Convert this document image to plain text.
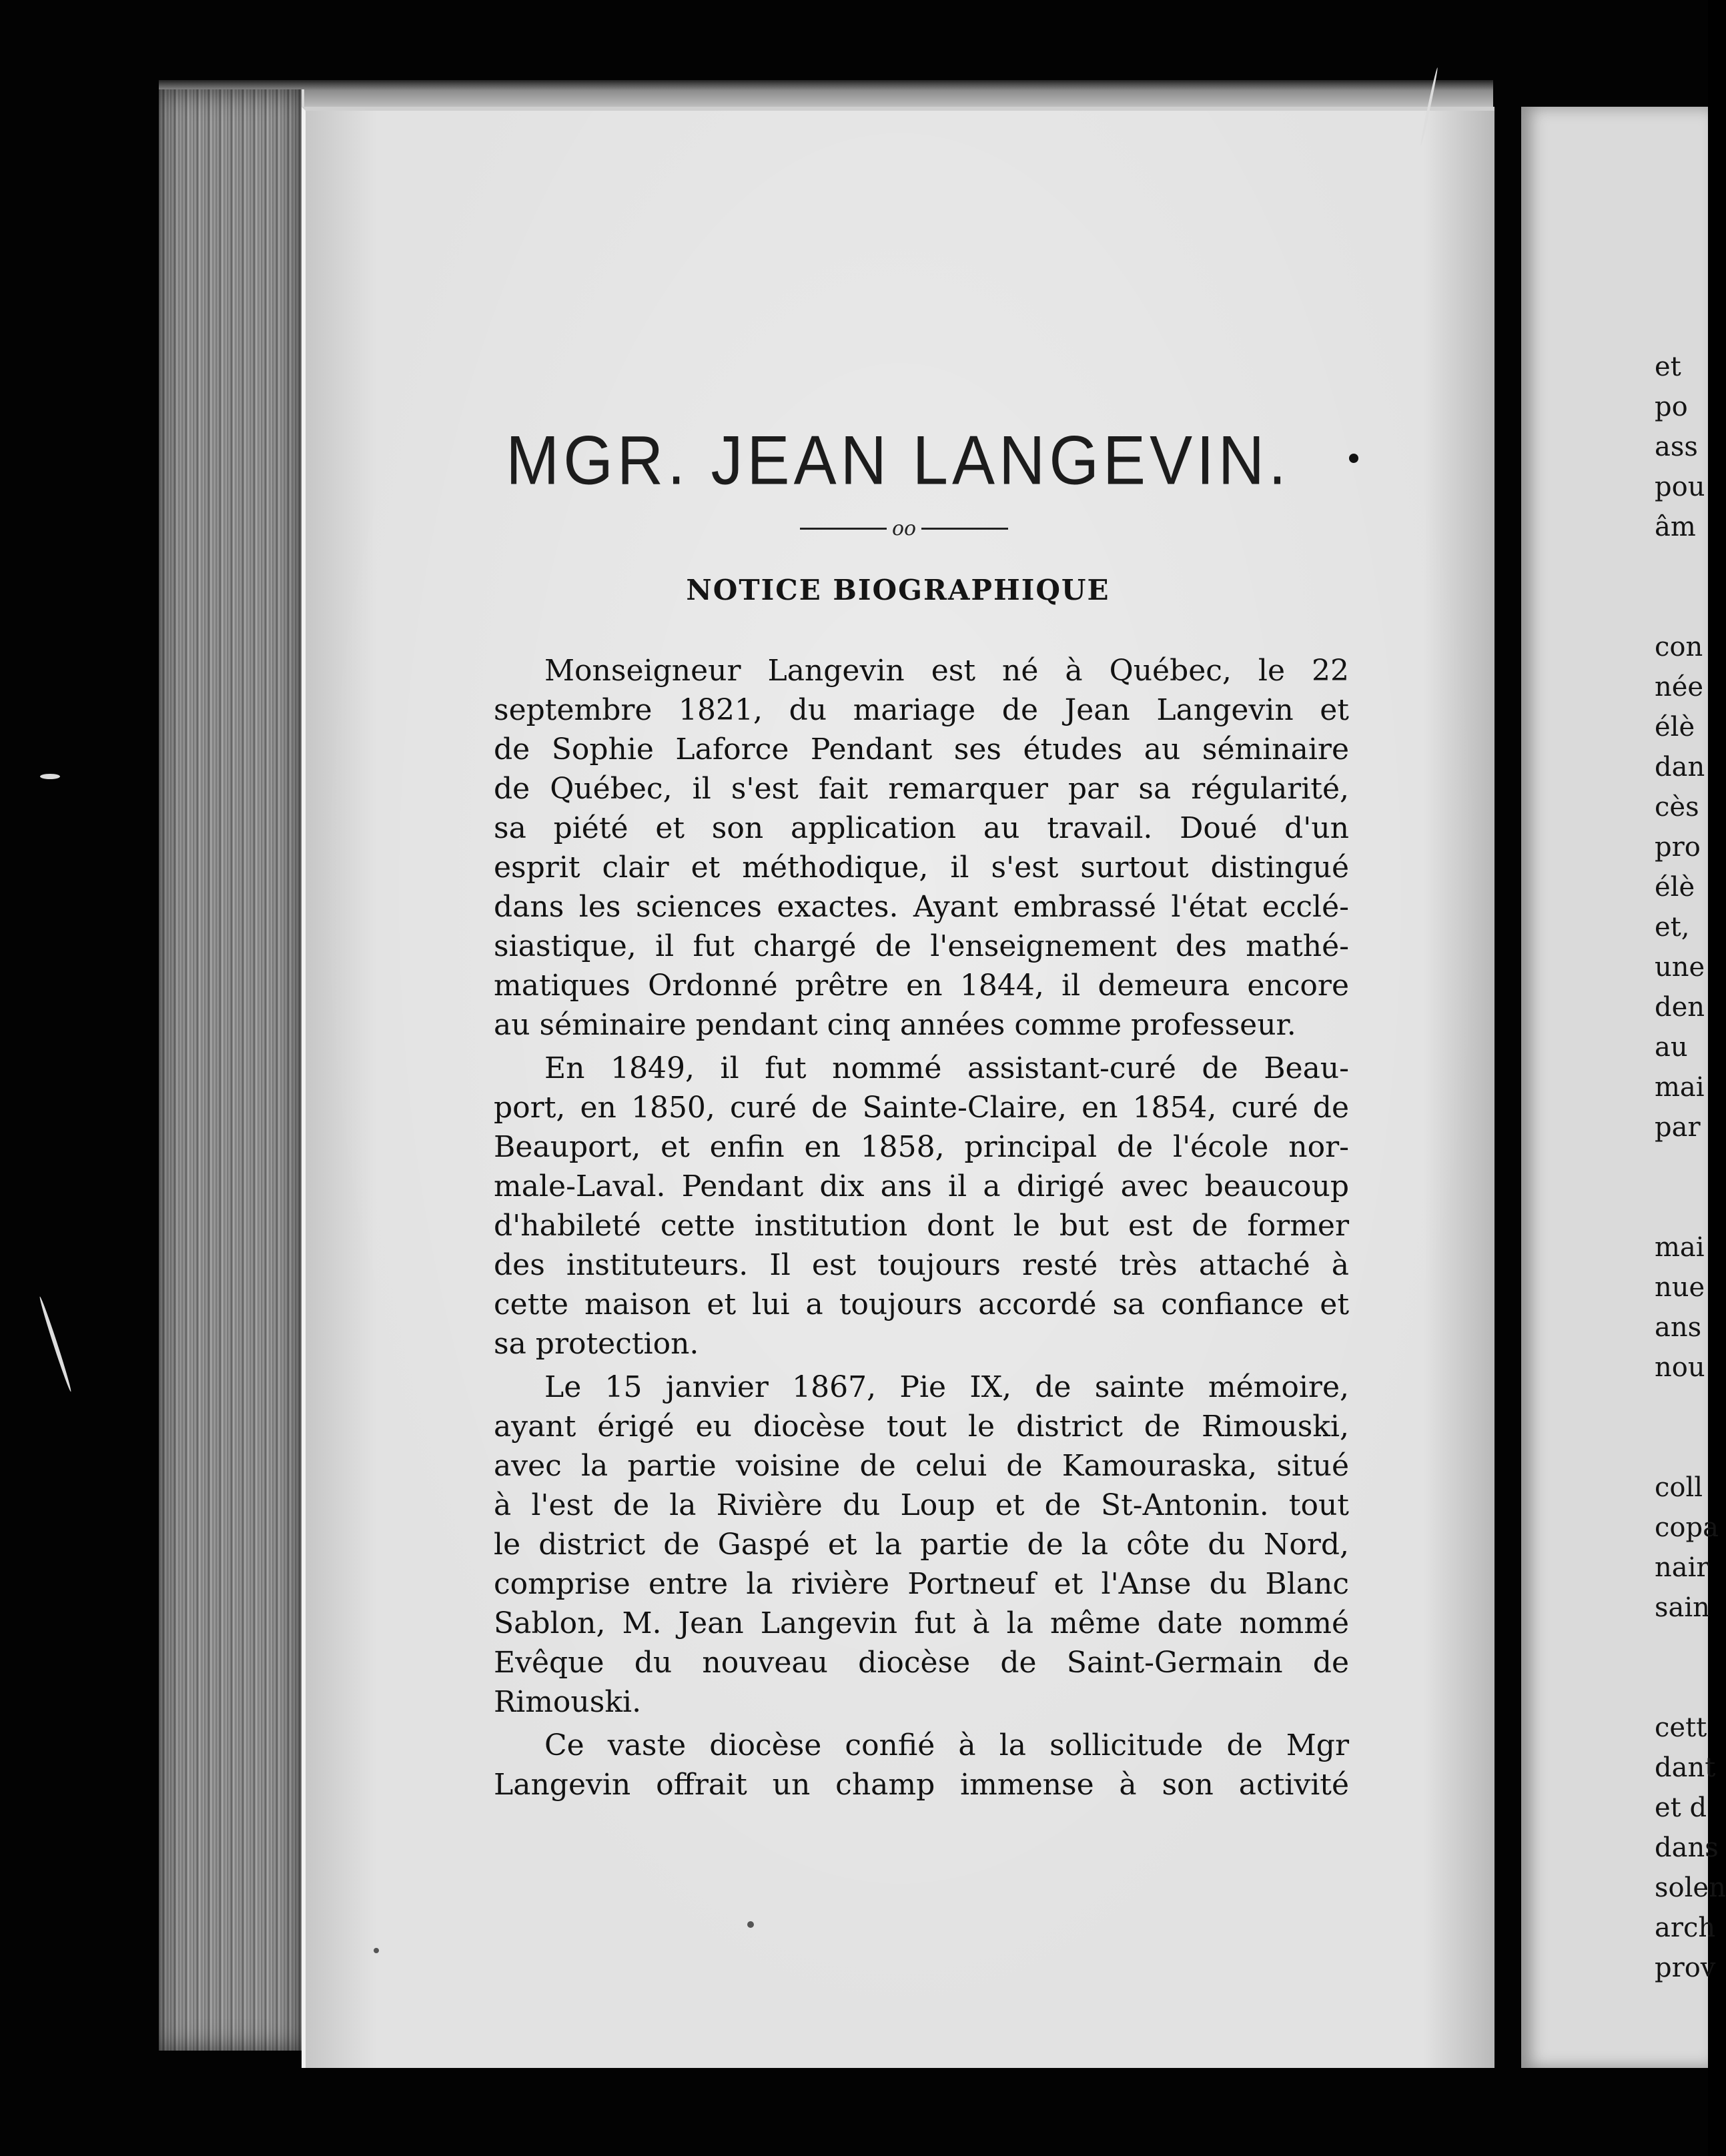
MGR. JEAN LANGEVIN.
oo
NOTICE BIOGRAPHIQUE

Monseigneur Langevin est né à Québec, le 22
septembre 1821, du mariage de Jean Langevin et
de Sophie Laforce Pendant ses études au séminaire
de Québec, il s'est fait remarquer par sa régularité,
sa piété et son application au travail. Doué d'un
esprit clair et méthodique, il s'est surtout distingué
dans les sciences exactes. Ayant embrassé l'état ecclé-
siastique, il fut chargé de l'enseignement des mathé-
matiques Ordonné prêtre en 1844, il demeura encore
au séminaire pendant cinq années comme professeur.

En 1849, il fut nommé assistant-curé de Beau-
port, en 1850, curé de Sainte-Claire, en 1854, curé de
Beauport, et enfin en 1858, principal de l'école nor-
male-Laval. Pendant dix ans il a dirigé avec beaucoup
d'habileté cette institution dont le but est de former
des instituteurs. Il est toujours resté très attaché à
cette maison et lui a toujours accordé sa confiance et
sa protection.

Le 15 janvier 1867, Pie IX, de sainte mémoire,
ayant érigé eu diocèse tout le district de Rimouski,
avec la partie voisine de celui de Kamouraska, situé
à l'est de la Rivière du Loup et de St-Antonin. tout
le district de Gaspé et la partie de la côte du Nord,
comprise entre la rivière Portneuf et l'Anse du Blanc
Sablon, M. Jean Langevin fut à la même date nommé
Evêque du nouveau diocèse de Saint-Germain de
Rimouski.

Ce vaste diocèse confié à la sollicitude de Mgr
Langevin offrait un champ immense à son activité

et
po
ass
pou
âm
con
née
élè
dan
cès
pro
élè
et,
une
den
au
mai
par
mai
nue
ans
nou
coll
copa
nair
sain
cett
dant
et d
dans
solen
arch
prov
